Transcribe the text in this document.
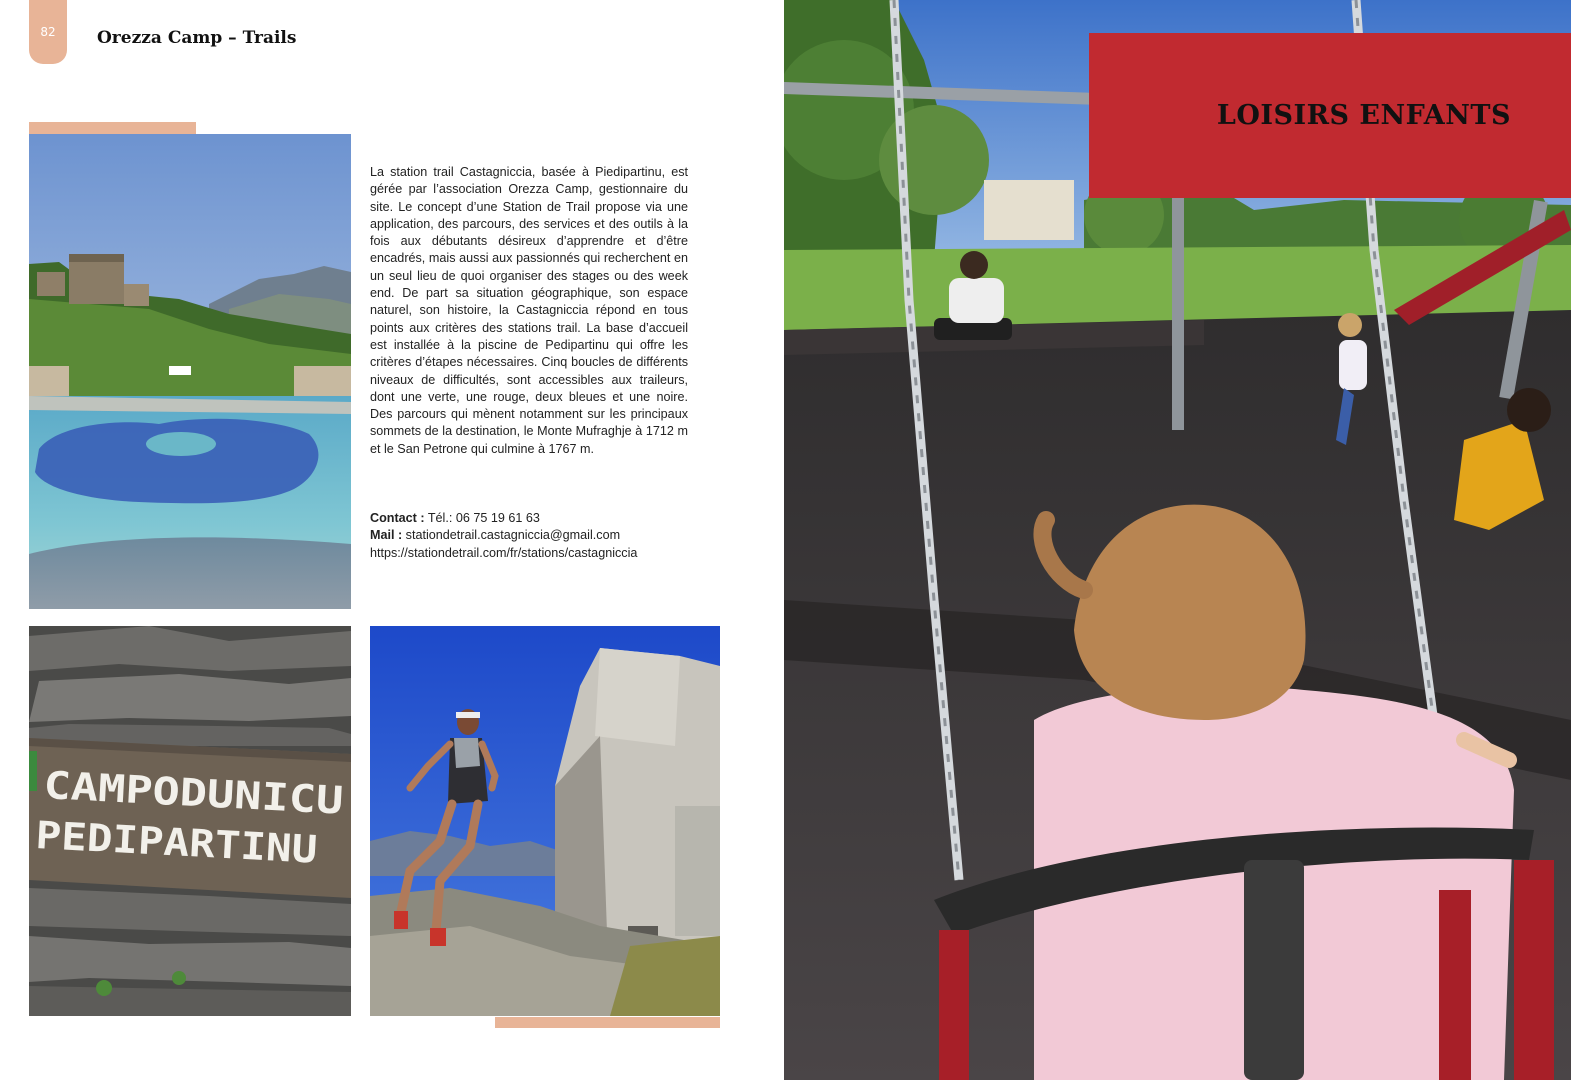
82 Orezza Camp – Trails
La station trail Castagniccia, basée à Piedipartinu, est gérée par l’association Orezza Camp, gestionnaire du site. Le concept d’une Station de Trail propose via une application, des parcours, des services et des outils à la fois aux débutants désireux d’apprendre et d’être encadrés, mais aussi aux passionnés qui recherchent en un seul lieu de quoi organiser des stages ou des week end. De part sa situation géographique, son espace naturel, son histoire, la Castagniccia répond en tous points aux critères des stations trail. La base d’accueil est installée à la piscine de Pedipartinu qui offre les critères d’étapes nécessaires. Cinq boucles de différents niveaux de difficultés, sont accessibles aux traileurs, dont une verte, une rouge, deux bleues et une noire. Des parcours qui mènent notamment sur les principaux sommets de la destination, le Monte Mufraghje à 1712 m et le San Petrone qui culmine à 1767 m.
Contact : Tél.: 06 75 19 61 63
Mail : stationdetrail.castagniccia@gmail.com
https://stationdetrail.com/fr/stations/castagniccia
CAMPODUNICU
PEDIPARTINU
LOISIRS ENFANTS
